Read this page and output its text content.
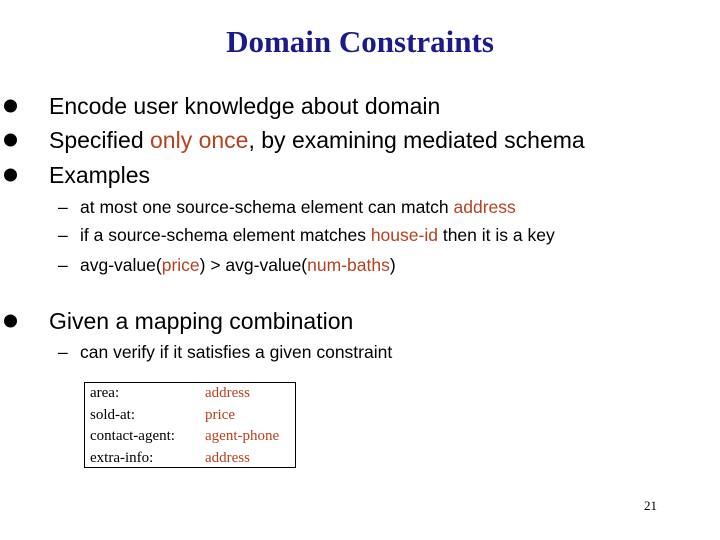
Domain Constraints
Encode user knowledge about domain
Specified only once, by examining mediated schema
Examples
– at most one source-schema element can match address
– if a source-schema element matches house-id then it is a key
– avg-value(price) > avg-value(num-baths)
Given a mapping combination
– can verify if it satisfies a given constraint
area:	address
sold-at:	price
contact-agent:	agent-phone
extra-info:	address
21
